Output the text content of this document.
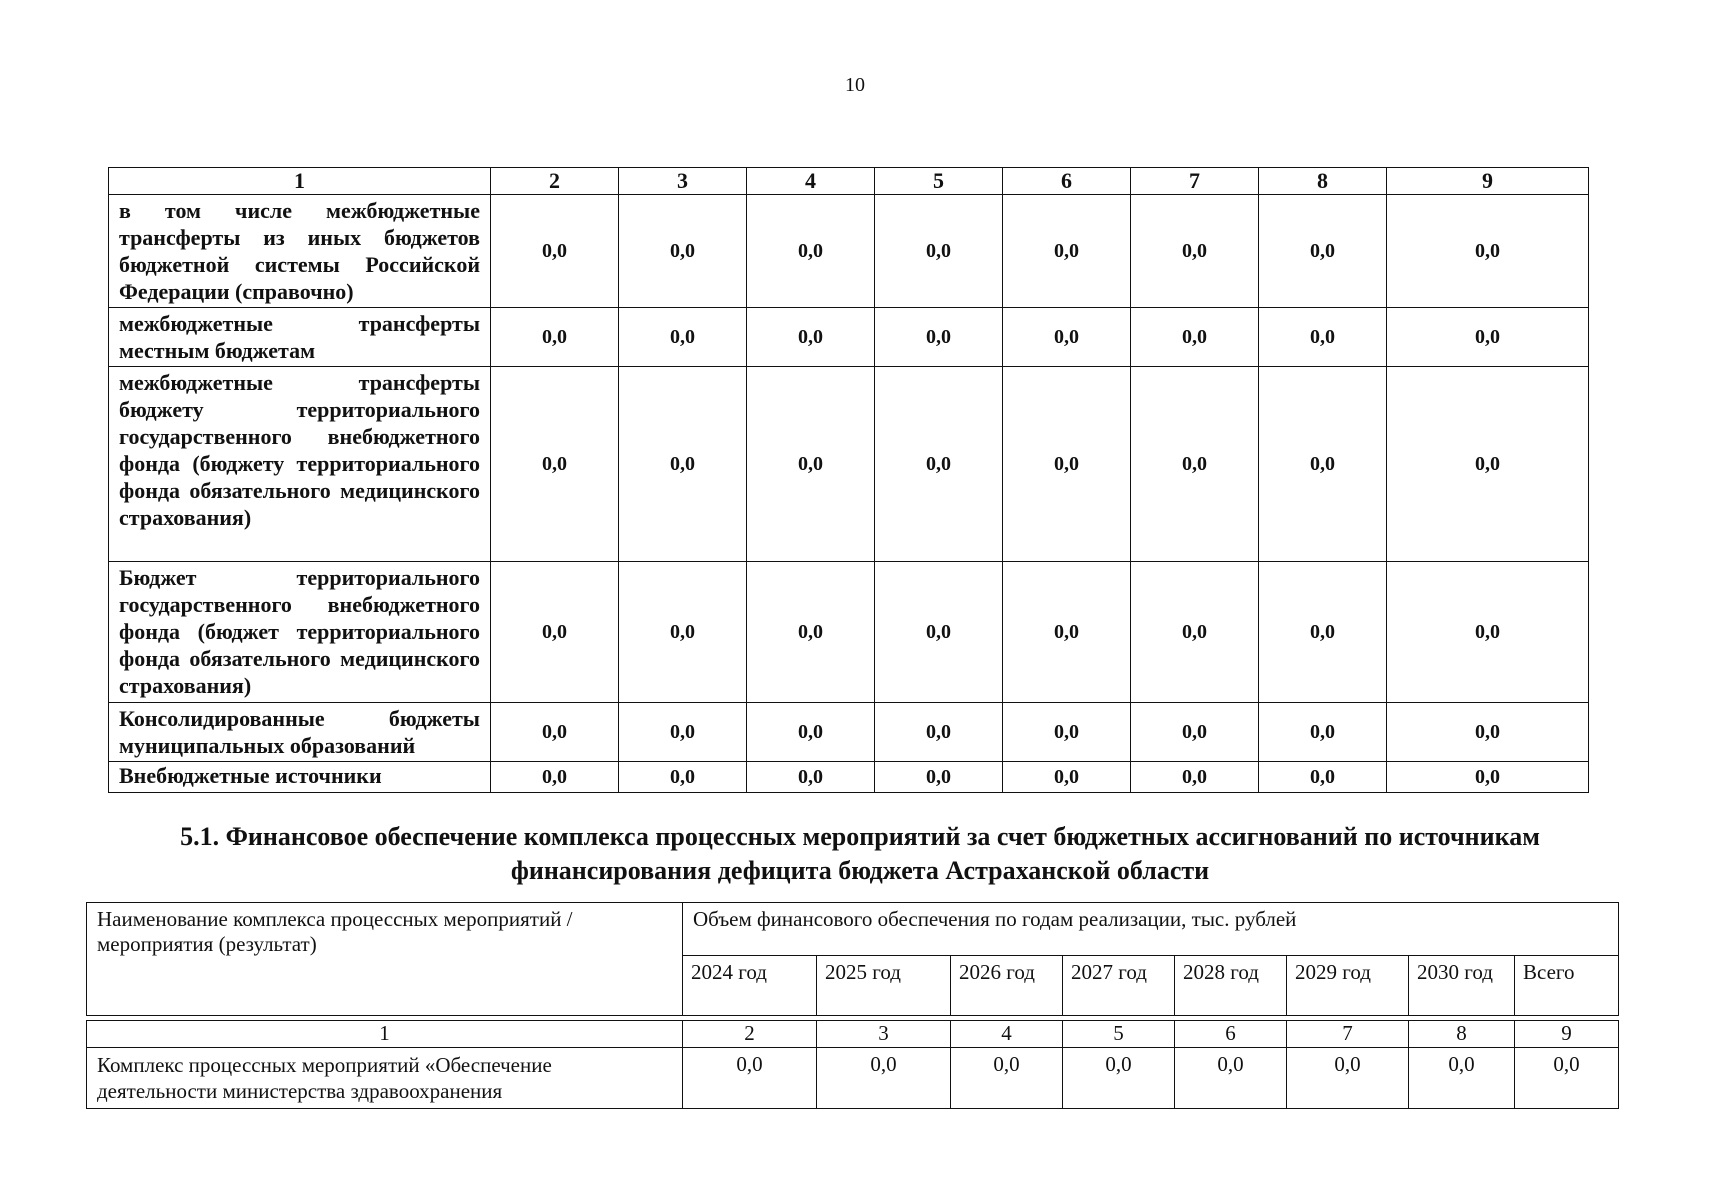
10
1	2	3	4	5	6	7	8	9
в том числе межбюджетные трансферты из иных бюджетов бюджетной системы Российской Федерации (справочно)	0,0	0,0	0,0	0,0	0,0	0,0	0,0	0,0
межбюджетные трансферты местным бюджетам	0,0	0,0	0,0	0,0	0,0	0,0	0,0	0,0
межбюджетные трансферты бюджету территориального государственного внебюджетного фонда (бюджету территориального фонда обязательного медицинского страхования)	0,0	0,0	0,0	0,0	0,0	0,0	0,0	0,0
Бюджет территориального государственного внебюджетного фонда (бюджет территориального фонда обязательного медицинского страхования)	0,0	0,0	0,0	0,0	0,0	0,0	0,0	0,0
Консолидированные бюджеты муниципальных образований	0,0	0,0	0,0	0,0	0,0	0,0	0,0	0,0
Внебюджетные источники	0,0	0,0	0,0	0,0	0,0	0,0	0,0	0,0
5.1. Финансовое обеспечение комплекса процессных мероприятий за счет бюджетных ассигнований по источникам
финансирования дефицита бюджета Астраханской области
Наименование комплекса процессных мероприятий / мероприятия (результат)	Объем финансового обеспечения по годам реализации, тыс. рублей							
	2024 год	2025 год	2026 год	2027 год	2028 год	2029 год	2030 год	Всего

1	2	3	4	5	6	7	8	9
Комплекс процессных мероприятий «Обеспечение деятельности министерства здравоохранения	0,0	0,0	0,0	0,0	0,0	0,0	0,0	0,0
